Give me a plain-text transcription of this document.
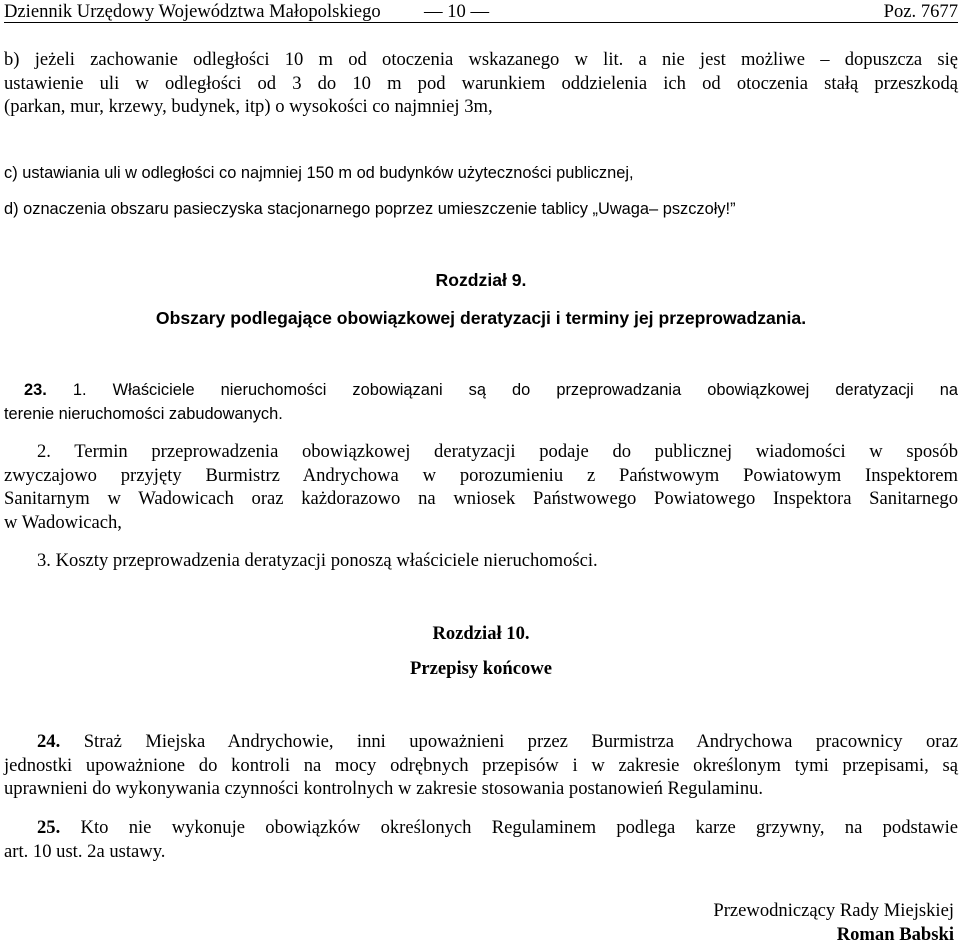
Dziennik Urzędowy Województwa Małopolskiego — 10 —	Poz. 7677
b) jeżeli zachowanie odległości 10 m od otoczenia wskazanego w lit. a nie jest możliwe – dopuszcza się
ustawienie uli w odległości od 3 do 10 m pod warunkiem oddzielenia ich od otoczenia stałą przeszkodą
(parkan, mur, krzewy, budynek, itp) o wysokości co najmniej 3m,
c) ustawiania uli w odległości co najmniej 150 m od budynków użyteczności publicznej,
d) oznaczenia obszaru pasieczyska stacjonarnego poprzez umieszczenie tablicy „Uwaga– pszczoły!”
Rozdział 9.
Obszary podlegające obowiązkowej deratyzacji i terminy jej przeprowadzania.
23. 1. Właściciele nieruchomości zobowiązani są do przeprowadzania obowiązkowej deratyzacji na
terenie nieruchomości zabudowanych.
2. Termin przeprowadzenia obowiązkowej deratyzacji podaje do publicznej wiadomości w sposób
zwyczajowo przyjęty Burmistrz Andrychowa w porozumieniu z Państwowym Powiatowym Inspektorem
Sanitarnym w Wadowicach oraz każdorazowo na wniosek Państwowego Powiatowego Inspektora Sanitarnego
w Wadowicach,
3. Koszty przeprowadzenia deratyzacji ponoszą właściciele nieruchomości.
Rozdział 10.
Przepisy końcowe
24. Straż Miejska Andrychowie, inni upoważnieni przez Burmistrza Andrychowa pracownicy oraz
jednostki upoważnione do kontroli na mocy odrębnych przepisów i w zakresie określonym tymi przepisami, są
uprawnieni do wykonywania czynności kontrolnych w zakresie stosowania postanowień Regulaminu.
25. Kto nie wykonuje obowiązków określonych Regulaminem podlega karze grzywny, na podstawie
art. 10 ust. 2a ustawy.
Przewodniczący Rady Miejskiej
Roman Babski
